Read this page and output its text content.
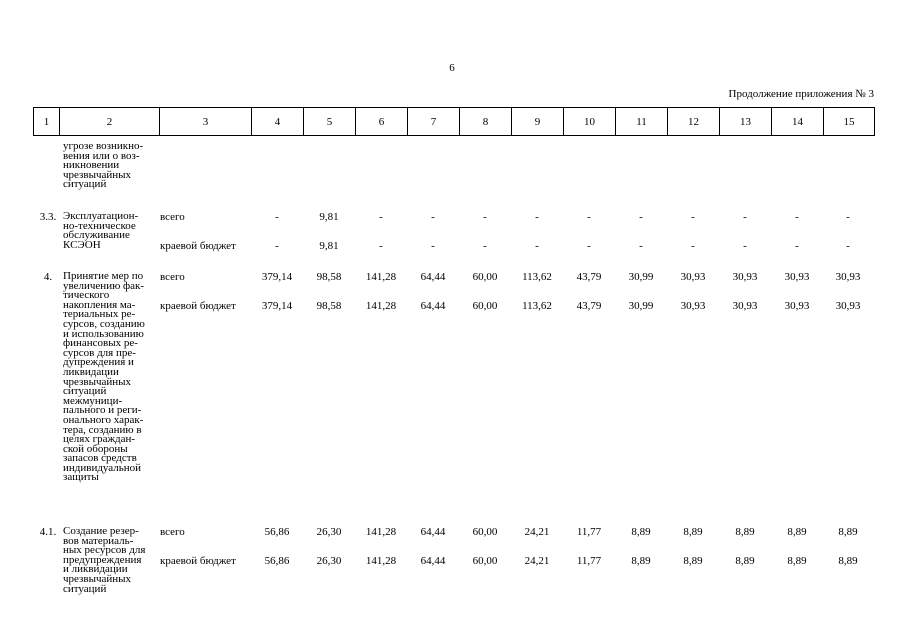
6
Продолжение приложения № 3
1	2	3	4	5	6	7	8	9	10	11	12	13	14	15
угрозе возникно-
вения или о воз-
никновении
чрезвычайных
ситуаций
3.3. Эксплуатацион-
но-техническое
обслуживание
КСЭОН
всего	-	9,81	-	-	-	-	-	-	-	-	-	-
краевой бюджет	-	9,81	-	-	-	-	-	-	-	-	-	-
4. Принятие мер по
увеличению фак-
тического
накопления ма-
териальных ре-
сурсов, созданию
и использованию
финансовых ре-
сурсов для пре-
дупреждения и
ликвидации
чрезвычайных
ситуаций
межмуници-
пального и реги-
онального харак-
тера, созданию в
целях граждан-
ской обороны
запасов средств
индивидуальной
защиты
всего	379,14	98,58	141,28	64,44	60,00	113,62	43,79	30,99	30,93	30,93	30,93	30,93
краевой бюджет	379,14	98,58	141,28	64,44	60,00	113,62	43,79	30,99	30,93	30,93	30,93	30,93
4.1. Создание резер-
вов материаль-
ных ресурсов для
предупреждения
и ликвидации
чрезвычайных
ситуаций
всего	56,86	26,30	141,28	64,44	60,00	24,21	11,77	8,89	8,89	8,89	8,89	8,89
краевой бюджет	56,86	26,30	141,28	64,44	60,00	24,21	11,77	8,89	8,89	8,89	8,89	8,89
